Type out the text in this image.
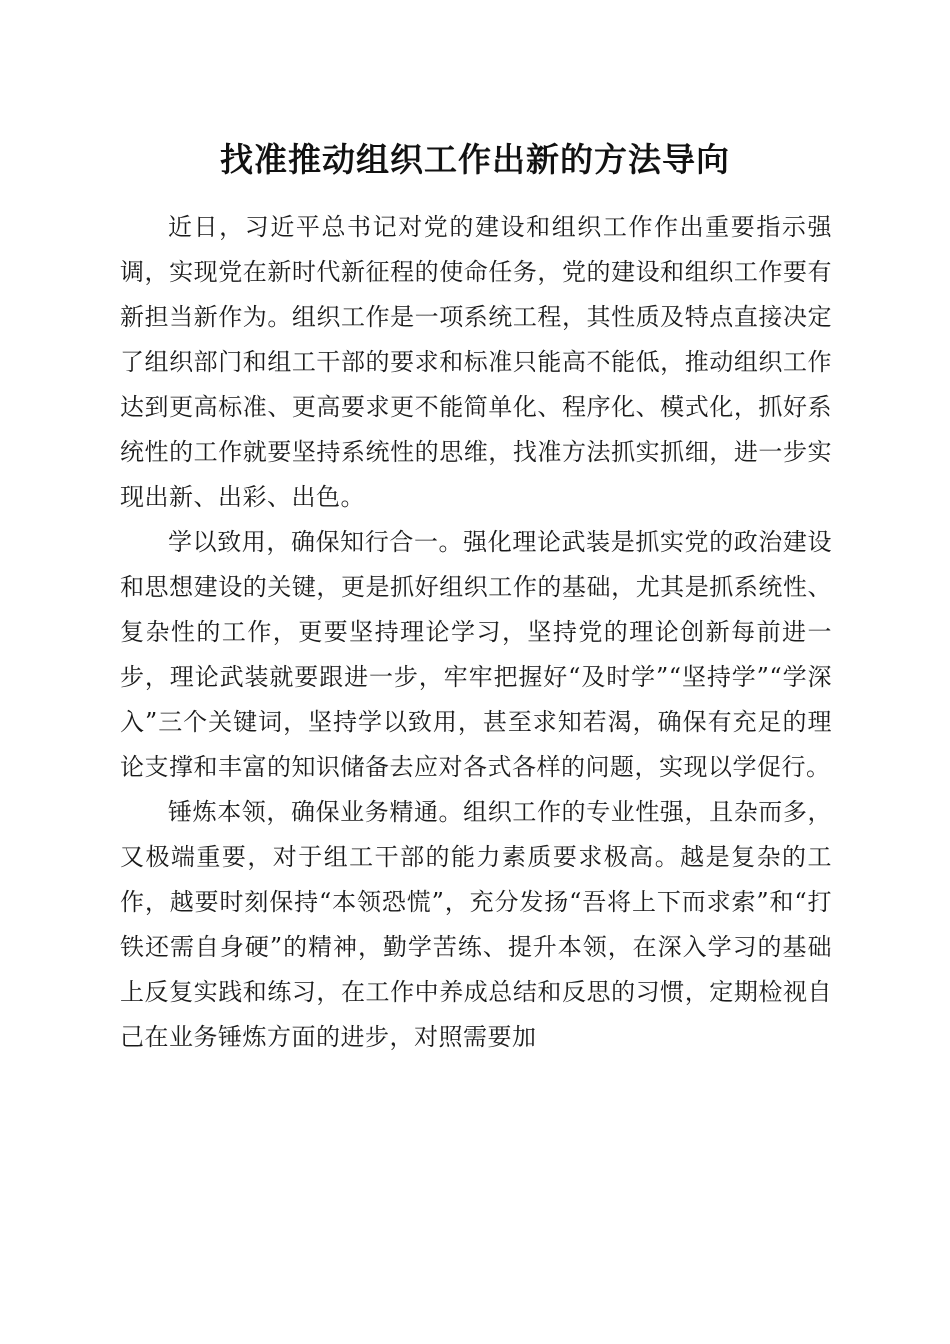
找准推动组织工作出新的方法导向

近日，习近平总书记对党的建设和组织工作作出重要指示强调，实现党在新时代新征程的使命任务，党的建设和组织工作要有新担当新作为。组织工作是一项系统工程，其性质及特点直接决定了组织部门和组工干部的要求和标准只能高不能低，推动组织工作达到更高标准、更高要求更不能简单化、程序化、模式化，抓好系统性的工作就要坚持系统性的思维，找准方法抓实抓细，进一步实现出新、出彩、出色。

学以致用，确保知行合一。强化理论武装是抓实党的政治建设和思想建设的关键，更是抓好组织工作的基础，尤其是抓系统性、复杂性的工作，更要坚持理论学习，坚持党的理论创新每前进一步，理论武装就要跟进一步，牢牢把握好“及时学”“坚持学”“学深入”三个关键词，坚持学以致用，甚至求知若渴，确保有充足的理论支撑和丰富的知识储备去应对各式各样的问题，实现以学促行。

锤炼本领，确保业务精通。组织工作的专业性强，且杂而多，又极端重要，对于组工干部的能力素质要求极高。越是复杂的工作，越要时刻保持“本领恐慌”，充分发扬“吾将上下而求索”和“打铁还需自身硬”的精神，勤学苦练、提升本领，在深入学习的基础上反复实践和练习，在工作中养成总结和反思的习惯，定期检视自己在业务锤炼方面的进步，对照需要加
